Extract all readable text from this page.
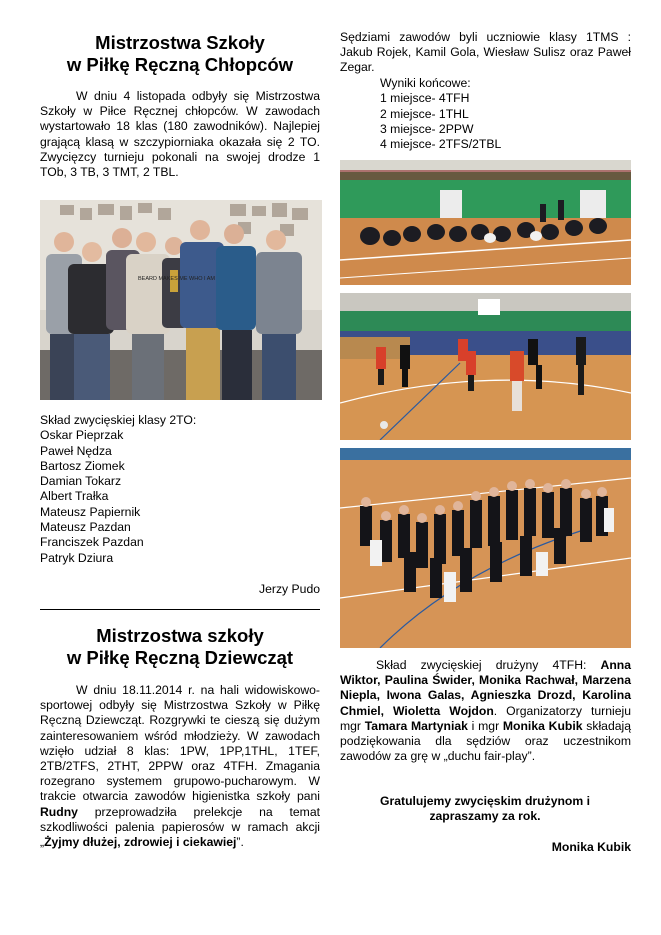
Mistrzostwa Szkoły
w Piłkę Ręczną Chłopców

W dniu 4 listopada odbyły się Mistrzostwa Szkoły w Piłce Ręcznej chłopców. W zawodach wystartowało 18 klas (180 zawodników). Najlepiej grającą klasą w szczypiorniaka okazała się 2 TO. Zwycięzcy turnieju pokonali na swojej drodze 1 TOb, 3 TB, 3 TMT, 2 TBL.

BEARD MAKES ME WHO I AM
Skład zwycięskiej klasy 2TO:
Oskar Pieprzak
Paweł Nędza
Bartosz Ziomek
Damian Tokarz
Albert Trałka
Mateusz Papiernik
Mateusz Pazdan
Franciszek Pazdan
Patryk Dziura
Jerzy Pudo
Mistrzostwa szkoły
w Piłkę Ręczną Dziewcząt

W dniu 18.11.2014 r. na hali widowiskowo-sportowej odbyły się Mistrzostwa Szkoły w Piłkę Ręczną Dziewcząt. Rozgrywki te cieszą się dużym zainteresowaniem wśród młodzieży. W zawodach wzięło udział 8 klas: 1PW, 1PP,1THL, 1TEF, 2TB/2TFS, 2THT, 2PPW oraz 4TFH. Zmagania rozegrano systemem grupowo-pucharowym. W trakcie otwarcia zawodów higienistka szkoły pani Rudny przeprowadziła prelekcje na temat szkodliwości palenia papierosów w ramach akcji „Żyjmy dłużej, zdrowiej i ciekawiej”.

Sędziami zawodów byli uczniowie klasy 1TMS : Jakub Rojek, Kamil Gola, Wiesław Sulisz oraz Paweł Zegar.

Wyniki końcowe:
1 miejsce- 4TFH
2 miejsce- 1THL
3 miejsce- 2PPW
4 miejsce- 2TFS/2TBL

Skład zwycięskiej drużyny 4TFH: Anna Wiktor, Paulina Świder, Monika Rachwał, Marzena Niepla, Iwona Galas, Agnieszka Drozd, Karolina Chmiel, Wioletta Wojdon. Organizatorzy turnieju mgr Tamara Martyniak i mgr Monika Kubik składają podziękowania dla sędziów oraz uczestnikom zawodów za grę w „duchu fair-play”.

Gratulujemy zwycięskim drużynom i zapraszamy za rok.

Monika Kubik
